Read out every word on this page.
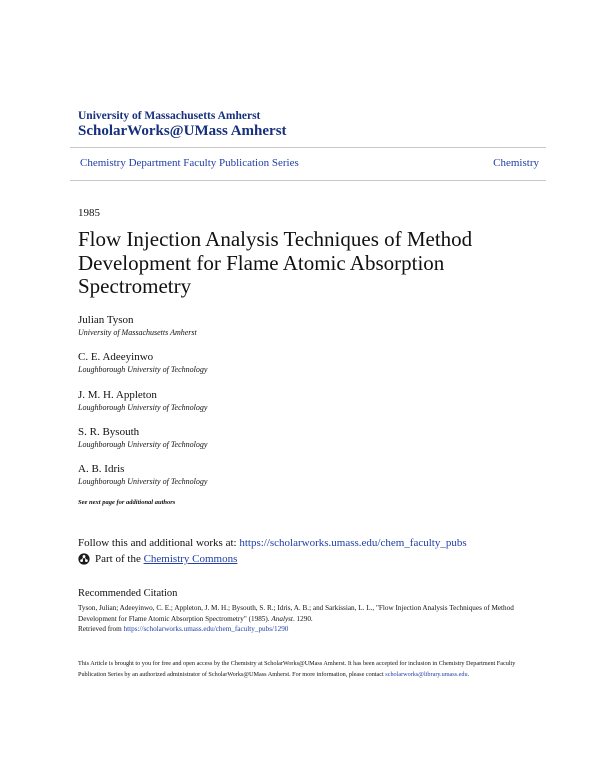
University of Massachusetts Amherst
ScholarWorks@UMass Amherst
Chemistry Department Faculty Publication Series	Chemistry
1985
Flow Injection Analysis Techniques of Method Development for Flame Atomic Absorption Spectrometry
Julian Tyson
University of Massachusetts Amherst
C. E. Adeeyinwo
Loughborough University of Technology
J. M. H. Appleton
Loughborough University of Technology
S. R. Bysouth
Loughborough University of Technology
A. B. Idris
Loughborough University of Technology
See next page for additional authors
Follow this and additional works at: https://scholarworks.umass.edu/chem_faculty_pubs
Part of the Chemistry Commons
Recommended Citation
Tyson, Julian; Adeeyinwo, C. E.; Appleton, J. M. H.; Bysouth, S. R.; Idris, A. B.; and Sarkissian, L. L., "Flow Injection Analysis Techniques of Method Development for Flame Atomic Absorption Spectrometry" (1985). Analyst. 1290.
Retrieved from https://scholarworks.umass.edu/chem_faculty_pubs/1290
This Article is brought to you for free and open access by the Chemistry at ScholarWorks@UMass Amherst. It has been accepted for inclusion in Chemistry Department Faculty Publication Series by an authorized administrator of ScholarWorks@UMass Amherst. For more information, please contact scholarworks@library.umass.edu.
